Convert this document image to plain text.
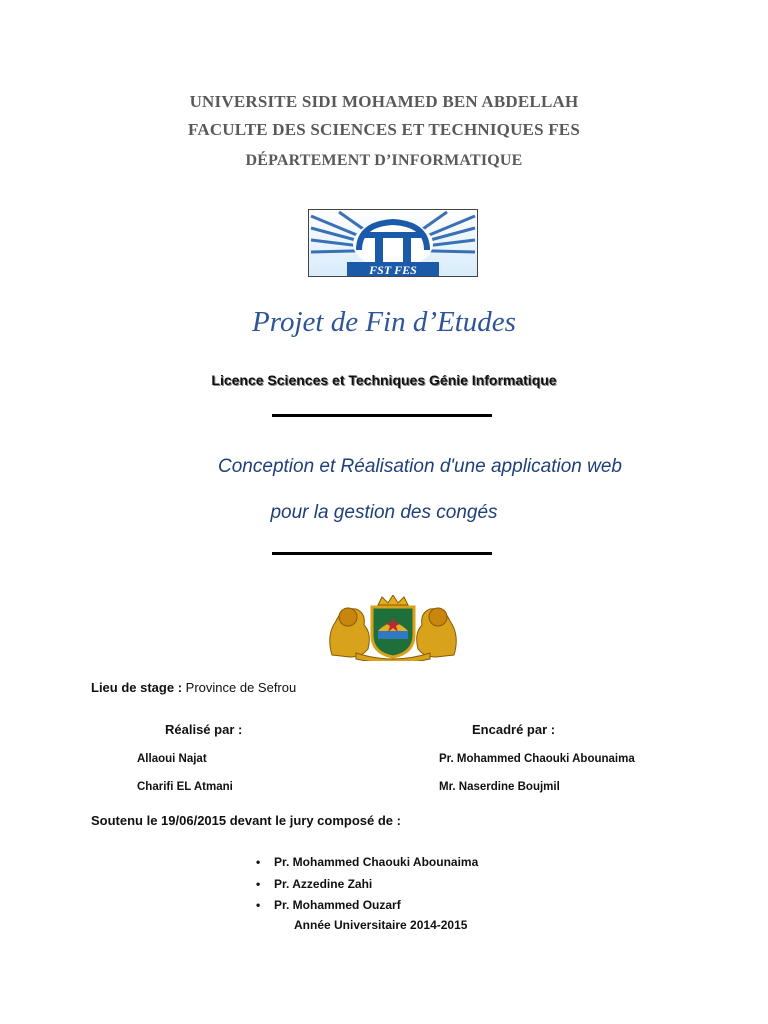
UNIVERSITE SIDI MOHAMED BEN ABDELLAH
FACULTE DES SCIENCES ET TECHNIQUES FES
DÉPARTEMENT D’INFORMATIQUE
FST FES
Projet de Fin d’Etudes
Licence Sciences et Techniques Génie Informatique
Conception et Réalisation d'une application web
pour la gestion des congés
Lieu de stage : Province de Sefrou
Réalisé par :	Encadré par :
Allaoui Najat
Charifi EL Atmani
Pr. Mohammed Chaouki Abounaima
Mr. Naserdine Boujmil
Soutenu le 19/06/2015 devant le jury composé de :
• Pr. Mohammed Chaouki Abounaima
• Pr. Azzedine Zahi
• Pr. Mohammed Ouzarf
Année Universitaire 2014-2015
